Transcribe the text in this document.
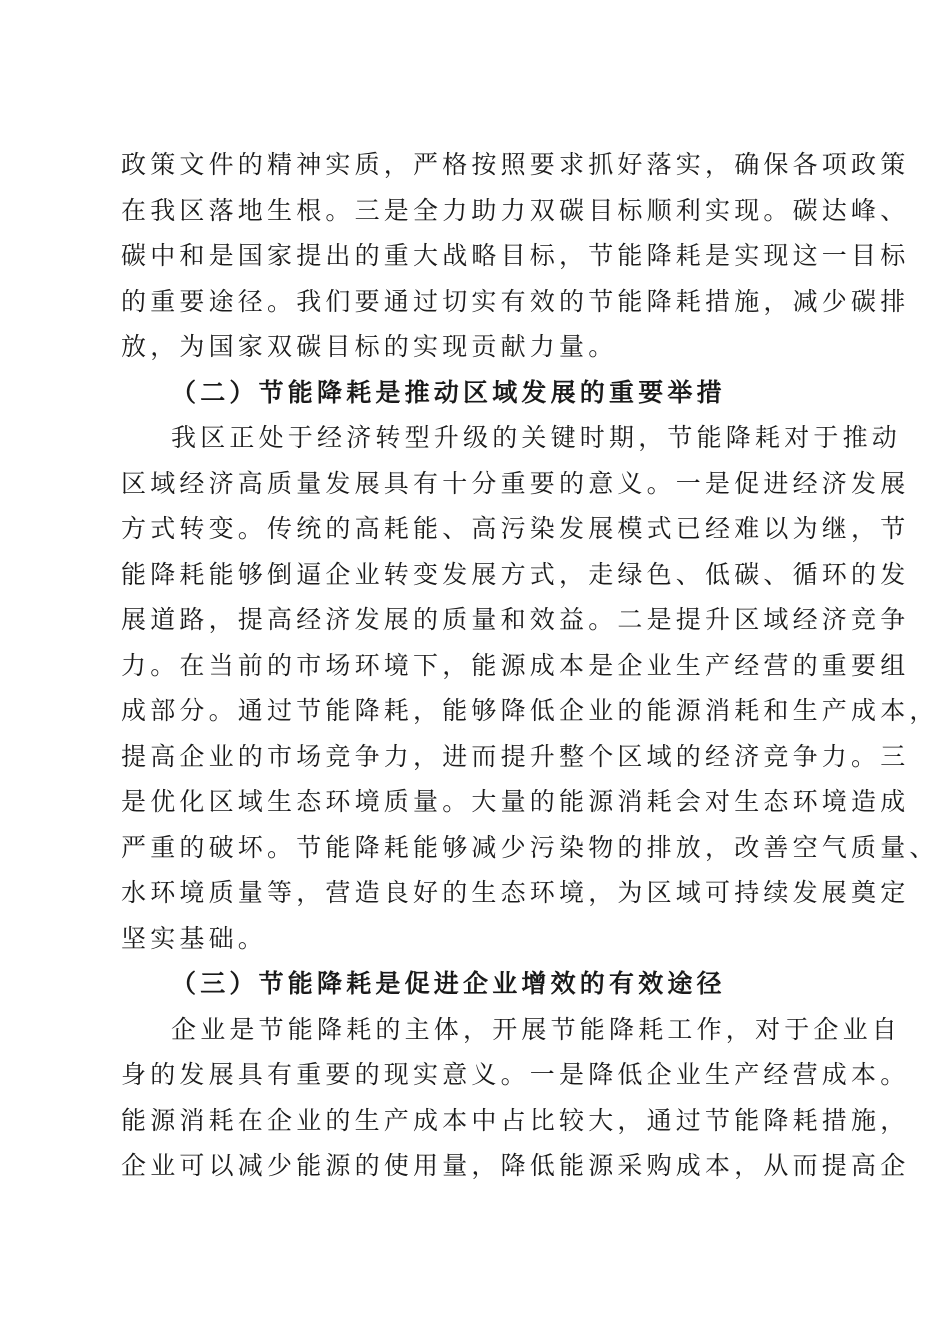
政策文件的精神实质，严格按照要求抓好落实，确保各项政策
在我区落地生根。三是全力助力双碳目标顺利实现。碳达峰、
碳中和是国家提出的重大战略目标，节能降耗是实现这一目标
的重要途径。我们要通过切实有效的节能降耗措施，减少碳排
放，为国家双碳目标的实现贡献力量。
（二）节能降耗是推动区域发展的重要举措
我区正处于经济转型升级的关键时期，节能降耗对于推动
区域经济高质量发展具有十分重要的意义。一是促进经济发展
方式转变。传统的高耗能、高污染发展模式已经难以为继，节
能降耗能够倒逼企业转变发展方式，走绿色、低碳、循环的发
展道路，提高经济发展的质量和效益。二是提升区域经济竞争
力。在当前的市场环境下，能源成本是企业生产经营的重要组
成部分。通过节能降耗，能够降低企业的能源消耗和生产成本，
提高企业的市场竞争力，进而提升整个区域的经济竞争力。三
是优化区域生态环境质量。大量的能源消耗会对生态环境造成
严重的破坏。节能降耗能够减少污染物的排放，改善空气质量、
水环境质量等，营造良好的生态环境，为区域可持续发展奠定
坚实基础。
（三）节能降耗是促进企业增效的有效途径
企业是节能降耗的主体，开展节能降耗工作，对于企业自
身的发展具有重要的现实意义。一是降低企业生产经营成本。
能源消耗在企业的生产成本中占比较大，通过节能降耗措施，
企业可以减少能源的使用量，降低能源采购成本，从而提高企
